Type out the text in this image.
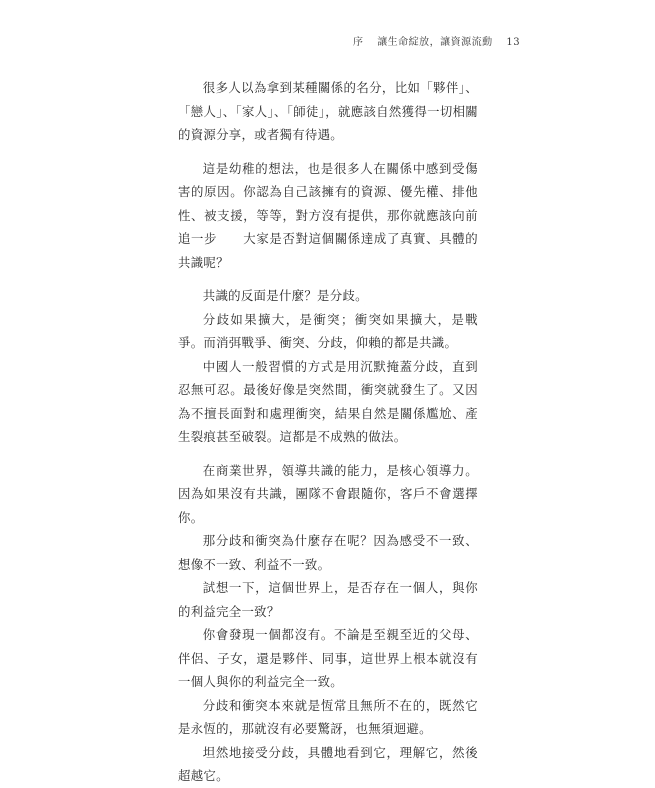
序 讓生命綻放，讓資源流動 13

很多人以為拿到某種關係的名分，比如「夥伴」、「戀人」、「家人」、「師徒」，就應該自然獲得一切相關的資源分享，或者獨有待遇。

這是幼稚的想法，也是很多人在關係中感到受傷害的原因。你認為自己該擁有的資源、優先權、排他性、被支援，等等，對方沒有提供，那你就應該向前追一步　　大家是否對這個關係達成了真實、具體的共識呢？

共識的反面是什麼？是分歧。

分歧如果擴大，是衝突；衝突如果擴大，是戰爭。而消弭戰爭、衝突、分歧，仰賴的都是共識。

中國人一般習慣的方式是用沉默掩蓋分歧，直到忍無可忍。最後好像是突然間，衝突就發生了。又因為不擅長面對和處理衝突，結果自然是關係尷尬、產生裂痕甚至破裂。這都是不成熟的做法。

在商業世界，領導共識的能力，是核心領導力。因為如果沒有共識，團隊不會跟隨你，客戶不會選擇你。

那分歧和衝突為什麼存在呢？因為感受不一致、想像不一致、利益不一致。

試想一下，這個世界上，是否存在一個人，與你的利益完全一致？

你會發現一個都沒有。不論是至親至近的父母、伴侶、子女，還是夥伴、同事，這世界上根本就沒有一個人與你的利益完全一致。

分歧和衝突本來就是恆常且無所不在的，既然它是永恆的，那就沒有必要驚訝，也無須迴避。

坦然地接受分歧，具體地看到它，理解它，然後超越它。
